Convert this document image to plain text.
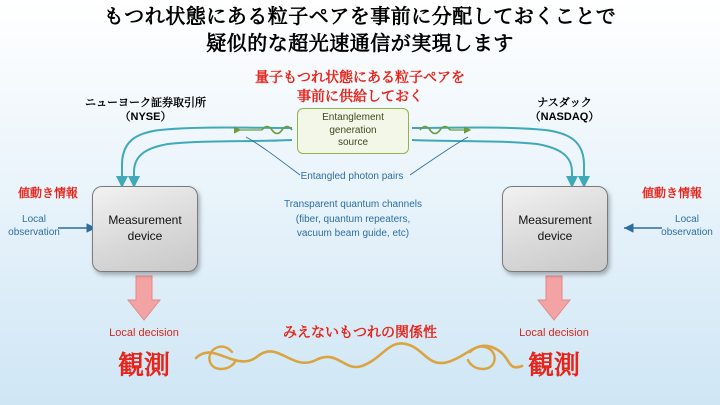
もつれ状態にある粒子ペアを事前に分配しておくことで
疑似的な超光速通信が実現します
量子もつれ状態にある粒子ペアを
事前に供給しておく
ニューヨーク証券取引所
（NYSE）
ナスダック
（NASDAQ）
Entanglement
generation
source
Entangled photon pairs
Transparent quantum channels
(fiber, quantum repeaters,
vacuum beam guide, etc)
Measurement
device
Measurement
device
値動き情報
Local
observation
値動き情報
Local
observation
Local decision
観測
Local decision
観測
みえないもつれの関係性
